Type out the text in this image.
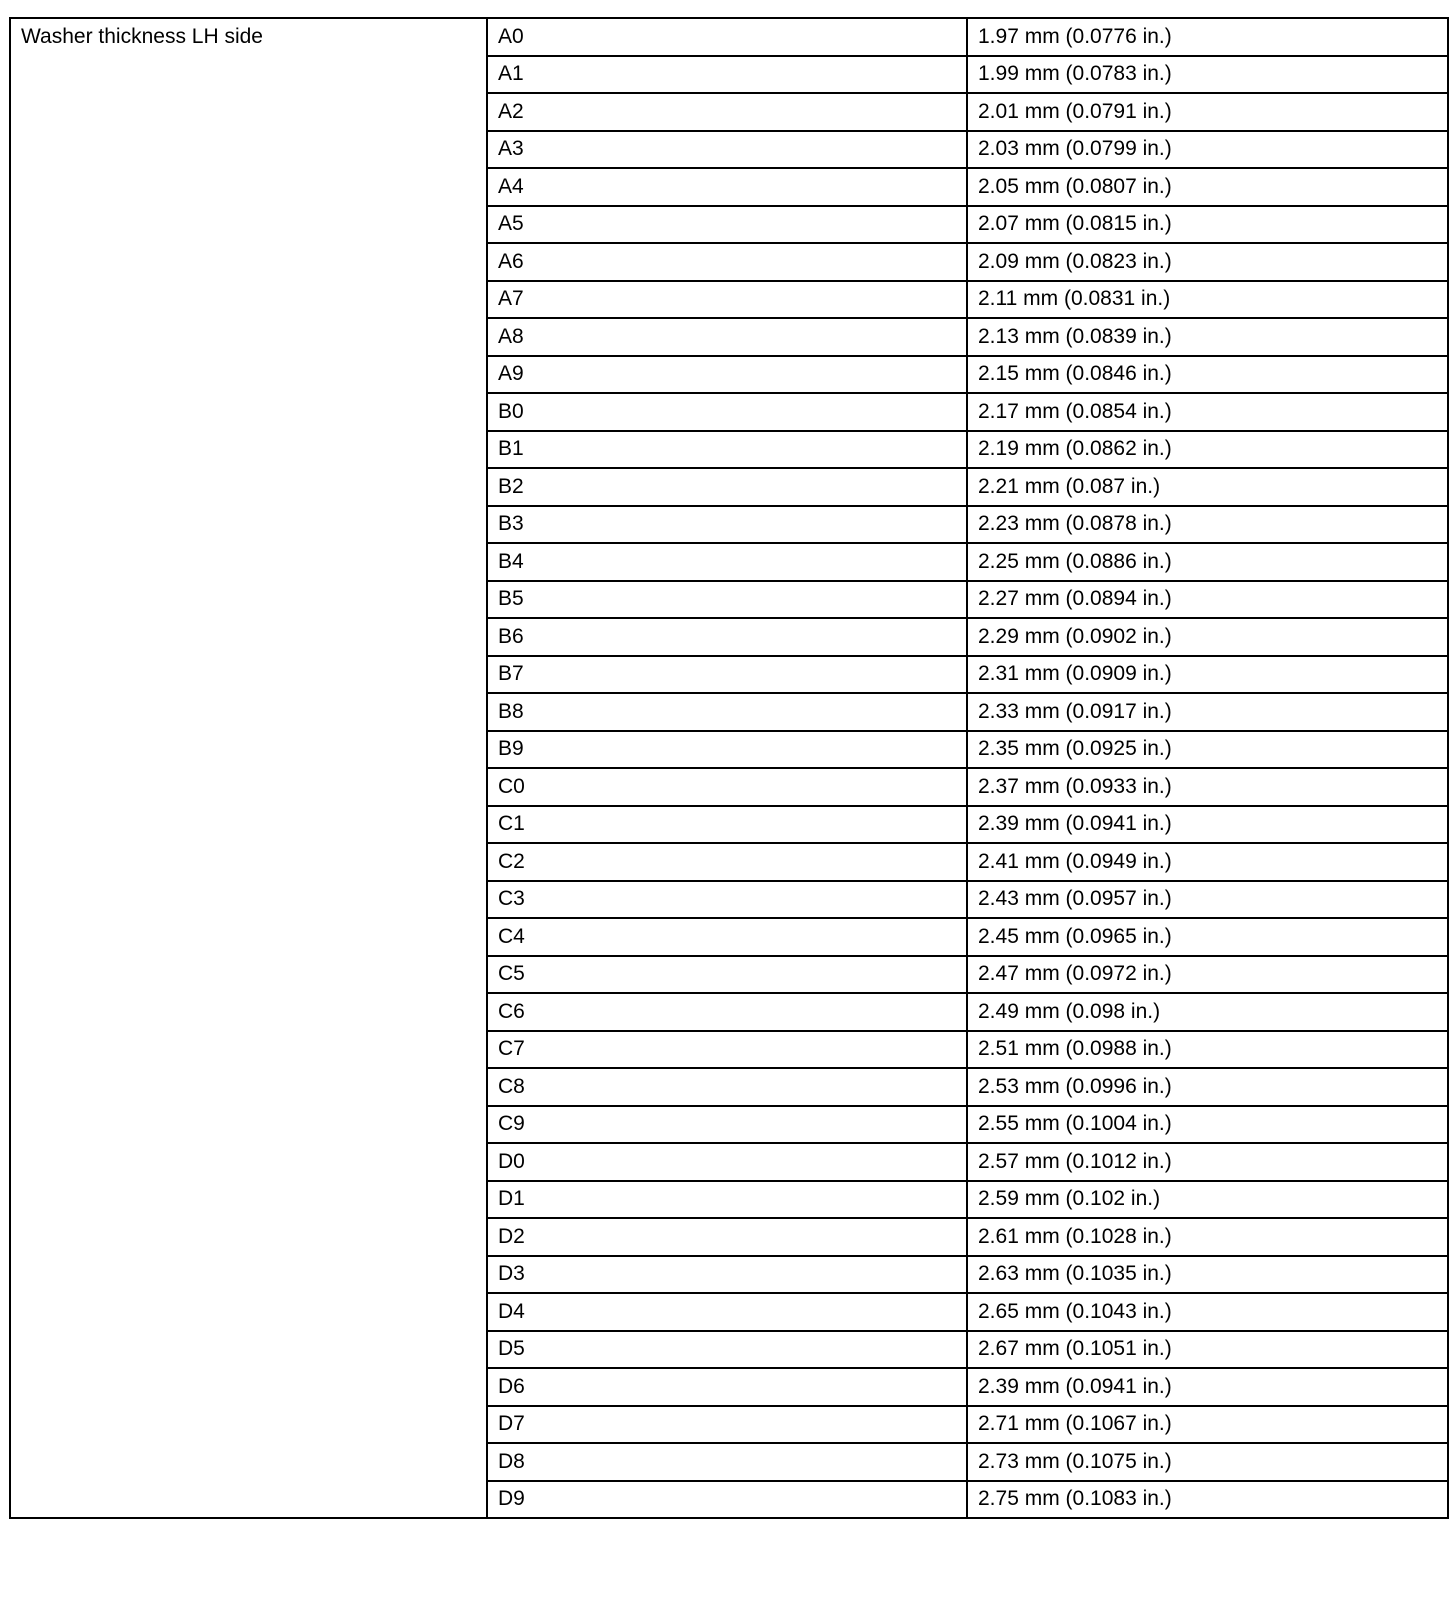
Washer thickness LH side	A0	1.97 mm (0.0776 in.)
	A1	1.99 mm (0.0783 in.)
	A2	2.01 mm (0.0791 in.)
	A3	2.03 mm (0.0799 in.)
	A4	2.05 mm (0.0807 in.)
	A5	2.07 mm (0.0815 in.)
	A6	2.09 mm (0.0823 in.)
	A7	2.11 mm (0.0831 in.)
	A8	2.13 mm (0.0839 in.)
	A9	2.15 mm (0.0846 in.)
	B0	2.17 mm (0.0854 in.)
	B1	2.19 mm (0.0862 in.)
	B2	2.21 mm (0.087 in.)
	B3	2.23 mm (0.0878 in.)
	B4	2.25 mm (0.0886 in.)
	B5	2.27 mm (0.0894 in.)
	B6	2.29 mm (0.0902 in.)
	B7	2.31 mm (0.0909 in.)
	B8	2.33 mm (0.0917 in.)
	B9	2.35 mm (0.0925 in.)
	C0	2.37 mm (0.0933 in.)
	C1	2.39 mm (0.0941 in.)
	C2	2.41 mm (0.0949 in.)
	C3	2.43 mm (0.0957 in.)
	C4	2.45 mm (0.0965 in.)
	C5	2.47 mm (0.0972 in.)
	C6	2.49 mm (0.098 in.)
	C7	2.51 mm (0.0988 in.)
	C8	2.53 mm (0.0996 in.)
	C9	2.55 mm (0.1004 in.)
	D0	2.57 mm (0.1012 in.)
	D1	2.59 mm (0.102 in.)
	D2	2.61 mm (0.1028 in.)
	D3	2.63 mm (0.1035 in.)
	D4	2.65 mm (0.1043 in.)
	D5	2.67 mm (0.1051 in.)
	D6	2.39 mm (0.0941 in.)
	D7	2.71 mm (0.1067 in.)
	D8	2.73 mm (0.1075 in.)
	D9	2.75 mm (0.1083 in.)
